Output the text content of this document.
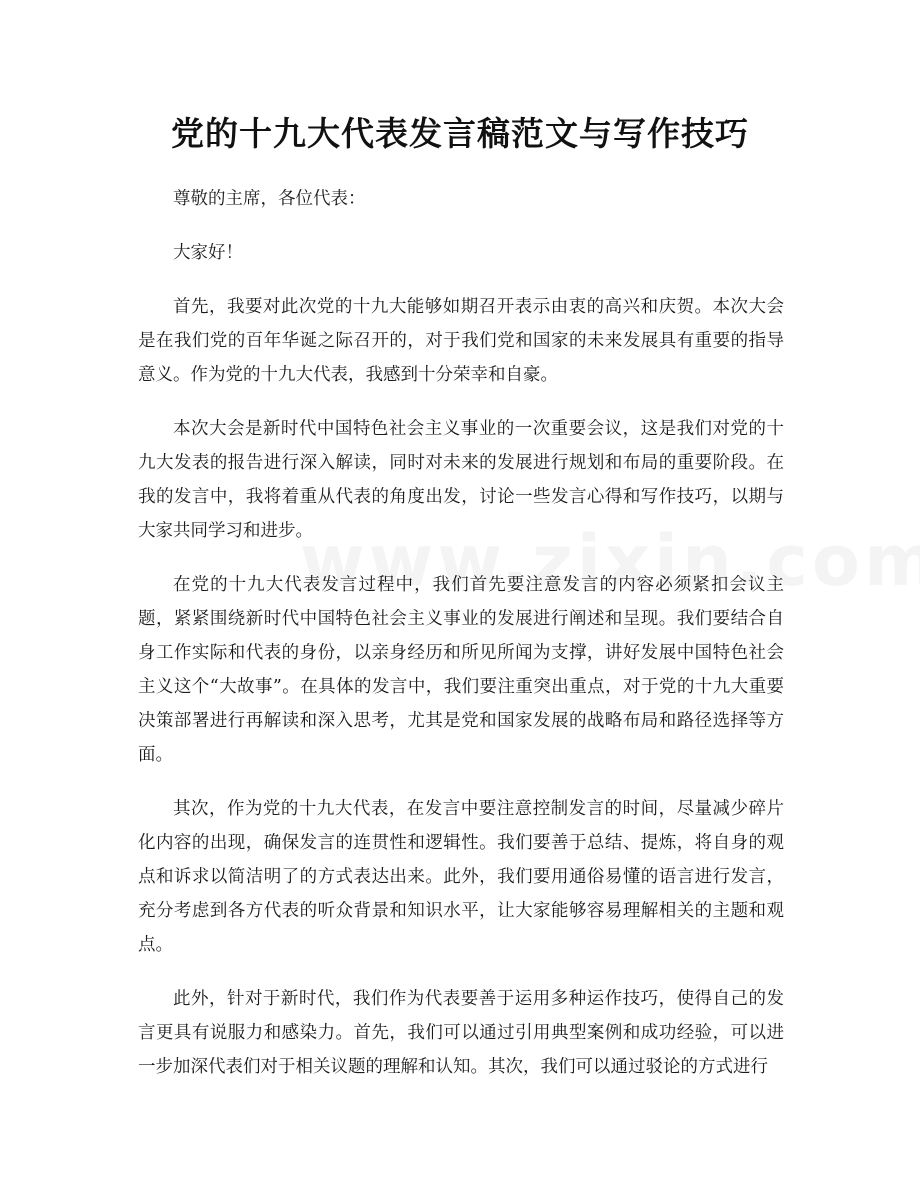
党的十九大代表发言稿范文与写作技巧

尊敬的主席，各位代表：

大家好！

首先，我要对此次党的十九大能够如期召开表示由衷的高兴和庆贺。本次大会是在我们党的百年华诞之际召开的，对于我们党和国家的未来发展具有重要的指导意义。作为党的十九大代表，我感到十分荣幸和自豪。

本次大会是新时代中国特色社会主义事业的一次重要会议，这是我们对党的十九大发表的报告进行深入解读，同时对未来的发展进行规划和布局的重要阶段。在我的发言中，我将着重从代表的角度出发，讨论一些发言心得和写作技巧，以期与大家共同学习和进步。

在党的十九大代表发言过程中，我们首先要注意发言的内容必须紧扣会议主题，紧紧围绕新时代中国特色社会主义事业的发展进行阐述和呈现。我们要结合自身工作实际和代表的身份，以亲身经历和所见所闻为支撑，讲好发展中国特色社会主义这个“大故事”。在具体的发言中，我们要注重突出重点，对于党的十九大重要决策部署进行再解读和深入思考，尤其是党和国家发展的战略布局和路径选择等方面。

其次，作为党的十九大代表，在发言中要注意控制发言的时间，尽量减少碎片化内容的出现，确保发言的连贯性和逻辑性。我们要善于总结、提炼，将自身的观点和诉求以简洁明了的方式表达出来。此外，我们要用通俗易懂的语言进行发言，充分考虑到各方代表的听众背景和知识水平，让大家能够容易理解相关的主题和观点。

此外，针对于新时代，我们作为代表要善于运用多种运作技巧，使得自己的发言更具有说服力和感染力。首先，我们可以通过引用典型案例和成功经验，可以进一步加深代表们对于相关议题的理解和认知。其次，我们可以通过驳论的方式进行
